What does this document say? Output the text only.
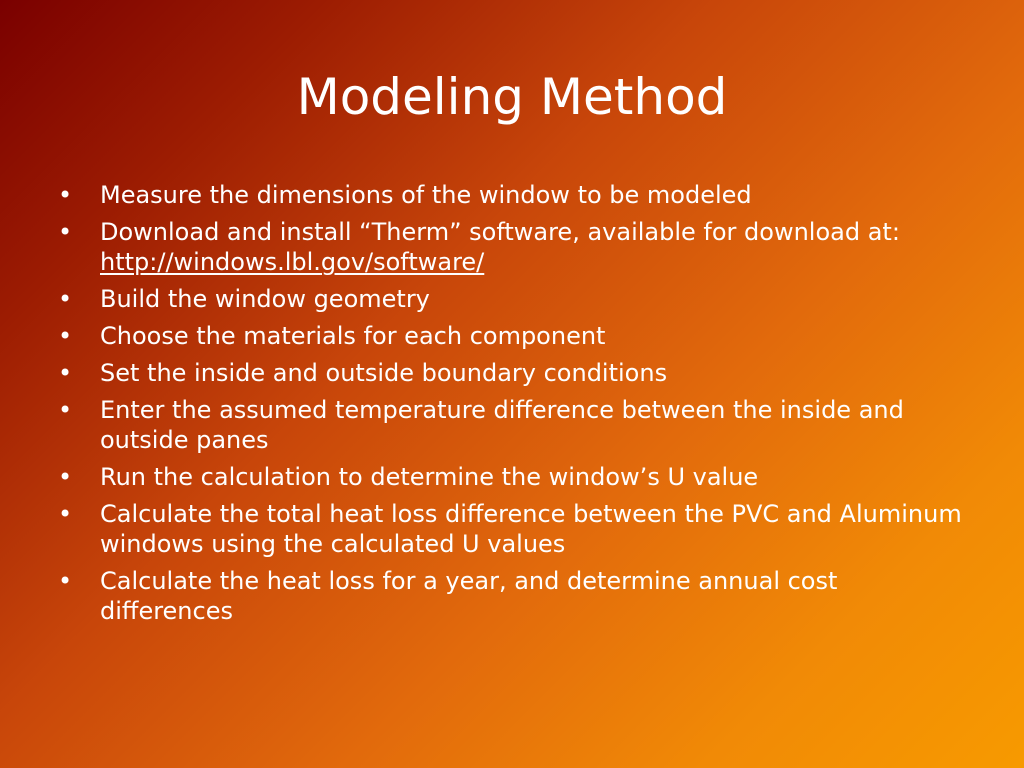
Modeling Method
• Measure the dimensions of the window to be modeled
• Download and install “Therm” software, available for download at:
http://windows.lbl.gov/software/
• Build the window geometry
• Choose the materials for each component
• Set the inside and outside boundary conditions
• Enter the assumed temperature difference between the inside and outside panes
• Run the calculation to determine the window’s U value
• Calculate the total heat loss difference between the PVC and Aluminum windows using the calculated U values
• Calculate the heat loss for a year, and determine annual cost differences
